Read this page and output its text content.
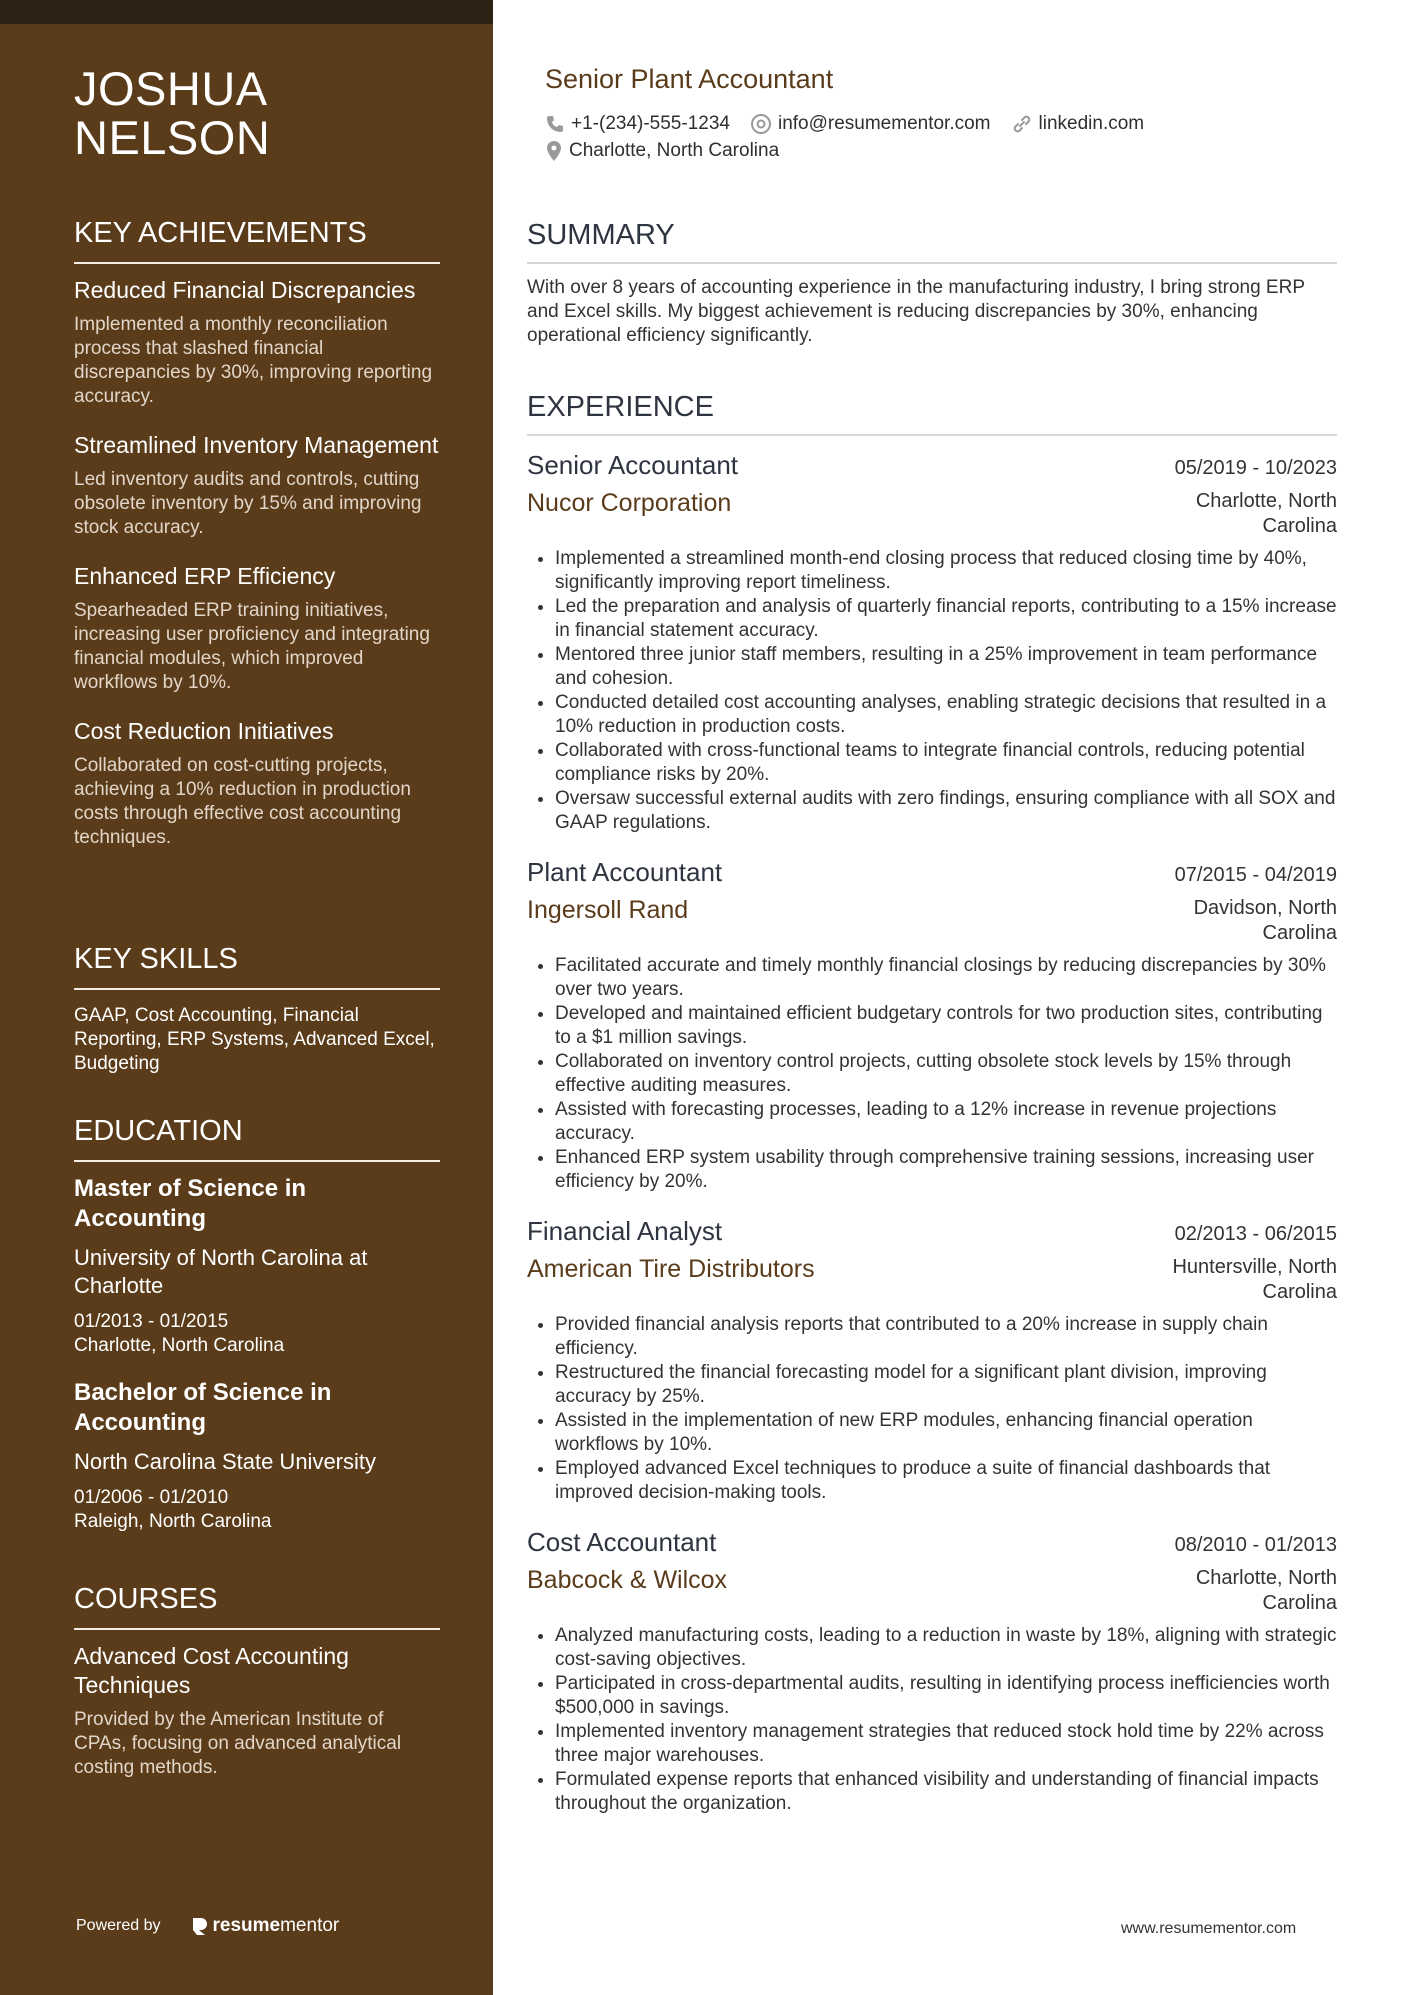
JOSHUA NELSON
KEY ACHIEVEMENTS
Reduced Financial Discrepancies
Implemented a monthly reconciliation process that slashed financial discrepancies by 30%, improving reporting accuracy.
Streamlined Inventory Management
Led inventory audits and controls, cutting obsolete inventory by 15% and improving stock accuracy.
Enhanced ERP Efficiency
Spearheaded ERP training initiatives, increasing user proficiency and integrating financial modules, which improved workflows by 10%.
Cost Reduction Initiatives
Collaborated on cost-cutting projects, achieving a 10% reduction in production costs through effective cost accounting techniques.
KEY SKILLS
GAAP, Cost Accounting, Financial Reporting, ERP Systems, Advanced Excel, Budgeting
EDUCATION
Master of Science in Accounting
University of North Carolina at Charlotte
01/2013 - 01/2015
Charlotte, North Carolina
Bachelor of Science in Accounting
North Carolina State University
01/2006 - 01/2010
Raleigh, North Carolina
COURSES
Advanced Cost Accounting Techniques
Provided by the American Institute of CPAs, focusing on advanced analytical costing methods.
Powered by	resume mentor
Senior Plant Accountant
+1-(234)-555-1234	info@resumementor.com	linkedin.com
Charlotte, North Carolina
SUMMARY
With over 8 years of accounting experience in the manufacturing industry, I bring strong ERP and Excel skills. My biggest achievement is reducing discrepancies by 30%, enhancing operational efficiency significantly.
EXPERIENCE
Senior Accountant	05/2019 - 10/2023
Nucor Corporation	Charlotte, North Carolina
• Implemented a streamlined month-end closing process that reduced closing time by 40%, significantly improving report timeliness.
• Led the preparation and analysis of quarterly financial reports, contributing to a 15% increase in financial statement accuracy.
• Mentored three junior staff members, resulting in a 25% improvement in team performance and cohesion.
• Conducted detailed cost accounting analyses, enabling strategic decisions that resulted in a 10% reduction in production costs.
• Collaborated with cross-functional teams to integrate financial controls, reducing potential compliance risks by 20%.
• Oversaw successful external audits with zero findings, ensuring compliance with all SOX and GAAP regulations.
Plant Accountant	07/2015 - 04/2019
Ingersoll Rand	Davidson, North Carolina
• Facilitated accurate and timely monthly financial closings by reducing discrepancies by 30% over two years.
• Developed and maintained efficient budgetary controls for two production sites, contributing to a $1 million savings.
• Collaborated on inventory control projects, cutting obsolete stock levels by 15% through effective auditing measures.
• Assisted with forecasting processes, leading to a 12% increase in revenue projections accuracy.
• Enhanced ERP system usability through comprehensive training sessions, increasing user efficiency by 20%.
Financial Analyst	02/2013 - 06/2015
American Tire Distributors	Huntersville, North Carolina
• Provided financial analysis reports that contributed to a 20% increase in supply chain efficiency.
• Restructured the financial forecasting model for a significant plant division, improving accuracy by 25%.
• Assisted in the implementation of new ERP modules, enhancing financial operation workflows by 10%.
• Employed advanced Excel techniques to produce a suite of financial dashboards that improved decision-making tools.
Cost Accountant	08/2010 - 01/2013
Babcock & Wilcox	Charlotte, North Carolina
• Analyzed manufacturing costs, leading to a reduction in waste by 18%, aligning with strategic cost-saving objectives.
• Participated in cross-departmental audits, resulting in identifying process inefficiencies worth $500,000 in savings.
• Implemented inventory management strategies that reduced stock hold time by 22% across three major warehouses.
• Formulated expense reports that enhanced visibility and understanding of financial impacts throughout the organization.
www.resumementor.com
